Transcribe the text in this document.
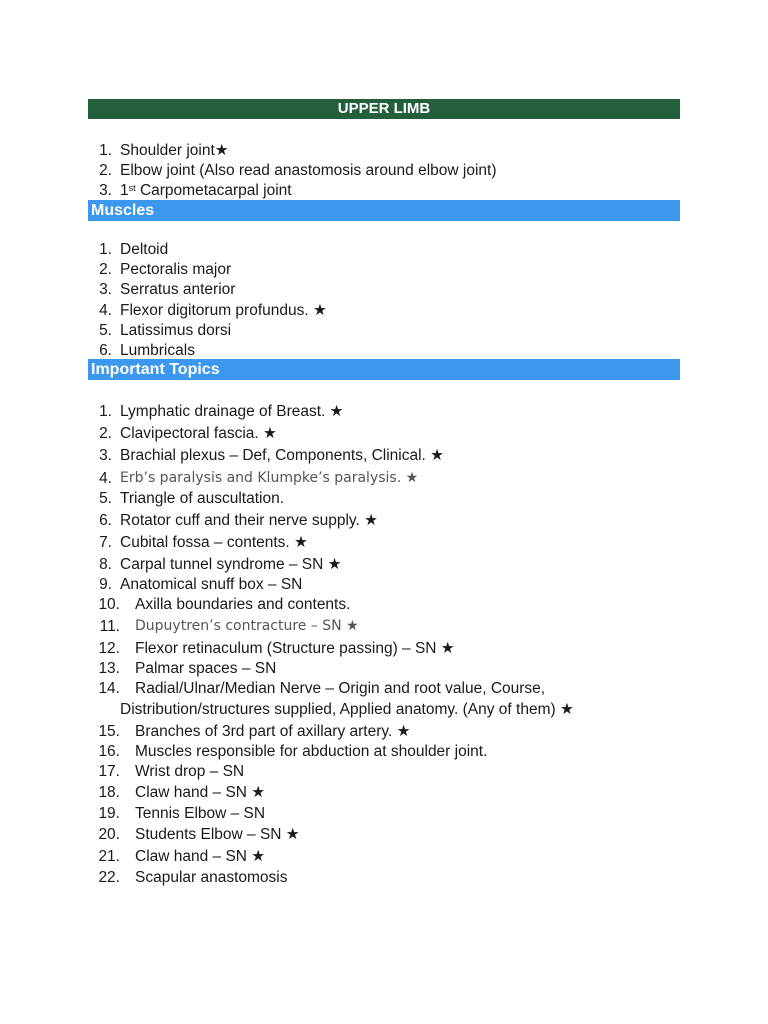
UPPER LIMB
1. Shoulder joint★
2. Elbow joint (Also read anastomosis around elbow joint)
3. 1st Carpometacarpal joint
Muscles
1. Deltoid
2. Pectoralis major
3. Serratus anterior
4. Flexor digitorum profundus. ★
5. Latissimus dorsi
6. Lumbricals
Important Topics
1. Lymphatic drainage of Breast. ★
2. Clavipectoral fascia. ★
3. Brachial plexus – Def, Components, Clinical. ★
4. Erb’s paralysis and Klumpke’s paralysis. ★
5. Triangle of auscultation.
6. Rotator cuff and their nerve supply. ★
7. Cubital fossa – contents. ★
8. Carpal tunnel syndrome – SN ★
9. Anatomical snuff box – SN
10. Axilla boundaries and contents.
11. Dupuytren’s contracture – SN ★
12. Flexor retinaculum (Structure passing) – SN ★
13. Palmar spaces – SN
14. Radial/Ulnar/Median Nerve – Origin and root value, Course,
Distribution/structures supplied, Applied anatomy. (Any of them) ★
15. Branches of 3rd part of axillary artery. ★
16. Muscles responsible for abduction at shoulder joint.
17. Wrist drop – SN
18. Claw hand – SN ★
19. Tennis Elbow – SN
20. Students Elbow – SN ★
21. Claw hand – SN ★
22. Scapular anastomosis
